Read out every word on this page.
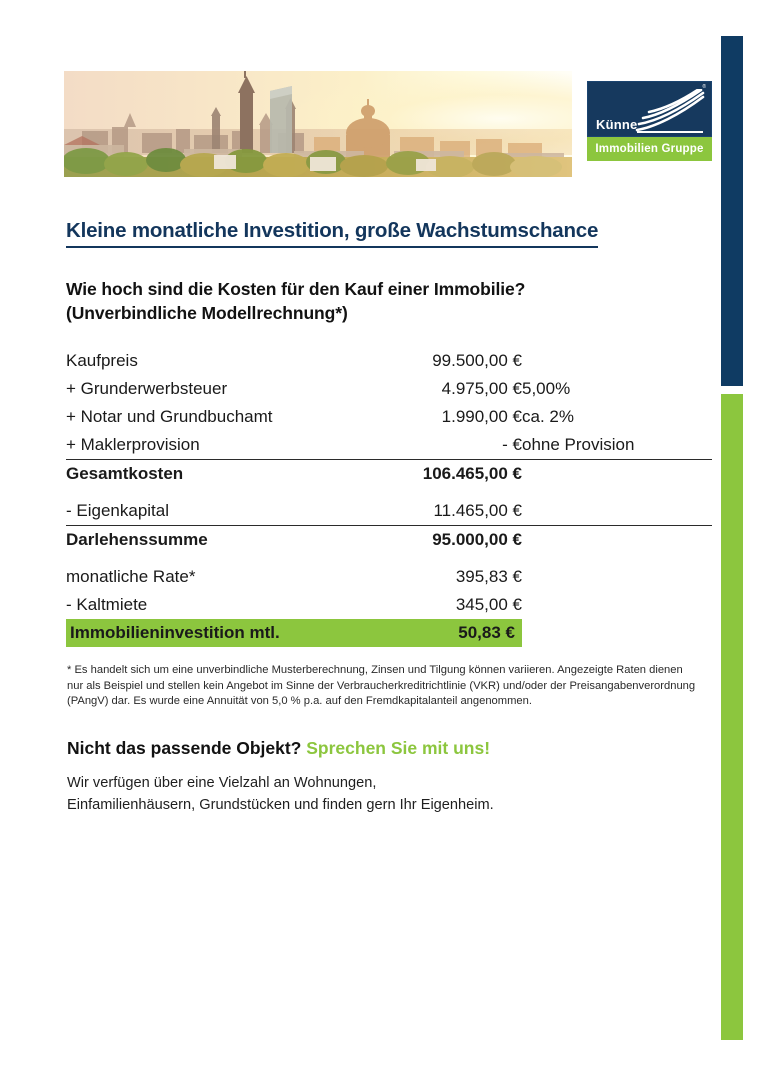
®
Künne
Immobilien Gruppe
Kleine monatliche Investition, große Wachstumschance
Wie hoch sind die Kosten für den Kauf einer Immobilie?
(Unverbindliche Modellrechnung*)
Kaufpreis	99.500,00 €	
+ Grunderwerbsteuer	4.975,00 €	5,00%
+ Notar und Grundbuchamt	1.990,00 €	ca. 2%
+ Maklerprovision	- €	ohne Provision
Gesamtkosten	106.465,00 €	

- Eigenkapital	11.465,00 €	
Darlehenssumme	95.000,00 €	

monatliche Rate*	395,83 €	
- Kaltmiete	345,00 €	
Immobilieninvestition mtl.	50,83 €	

* Es handelt sich um eine unverbindliche Musterberechnung, Zinsen und Tilgung können variieren. Angezeigte Raten dienen nur als Beispiel und stellen kein Angebot im Sinne der Verbraucherkreditrichtlinie (VKR) und/oder der Preisangabenverordnung (PAngV) dar. Es wurde eine Annuität von 5,0 % p.a. auf den Fremdkapitalanteil angenommen.

Nicht das passende Objekt? Sprechen Sie mit uns!

Wir verfügen über eine Vielzahl an Wohnungen,
Einfamilienhäusern, Grundstücken und finden gern Ihr Eigenheim.
